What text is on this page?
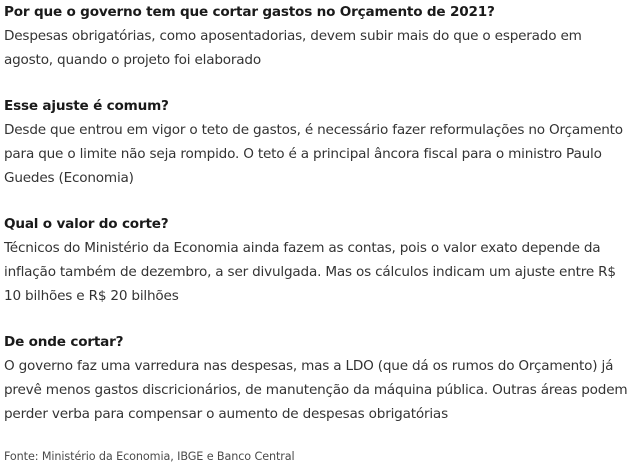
Por que o governo tem que cortar gastos no Orçamento de 2021?

Despesas obrigatórias, como aposentadorias, devem subir mais do que o esperado em agosto, quando o projeto foi elaborado

Esse ajuste é comum?

Desde que entrou em vigor o teto de gastos, é necessário fazer reformulações no Orçamento para que o limite não seja rompido. O teto é a principal âncora fiscal para o ministro Paulo Guedes (Economia)

Qual o valor do corte?

Técnicos do Ministério da Economia ainda fazem as contas, pois o valor exato depende da inflação também de dezembro, a ser divulgada. Mas os cálculos indicam um ajuste entre R$ 10 bilhões e R$ 20 bilhões

De onde cortar?

O governo faz uma varredura nas despesas, mas a LDO (que dá os rumos do Orçamento) já prevê menos gastos discricionários, de manutenção da máquina pública. Outras áreas podem perder verba para compensar o aumento de despesas obrigatórias

Fonte: Ministério da Economia, IBGE e Banco Central
